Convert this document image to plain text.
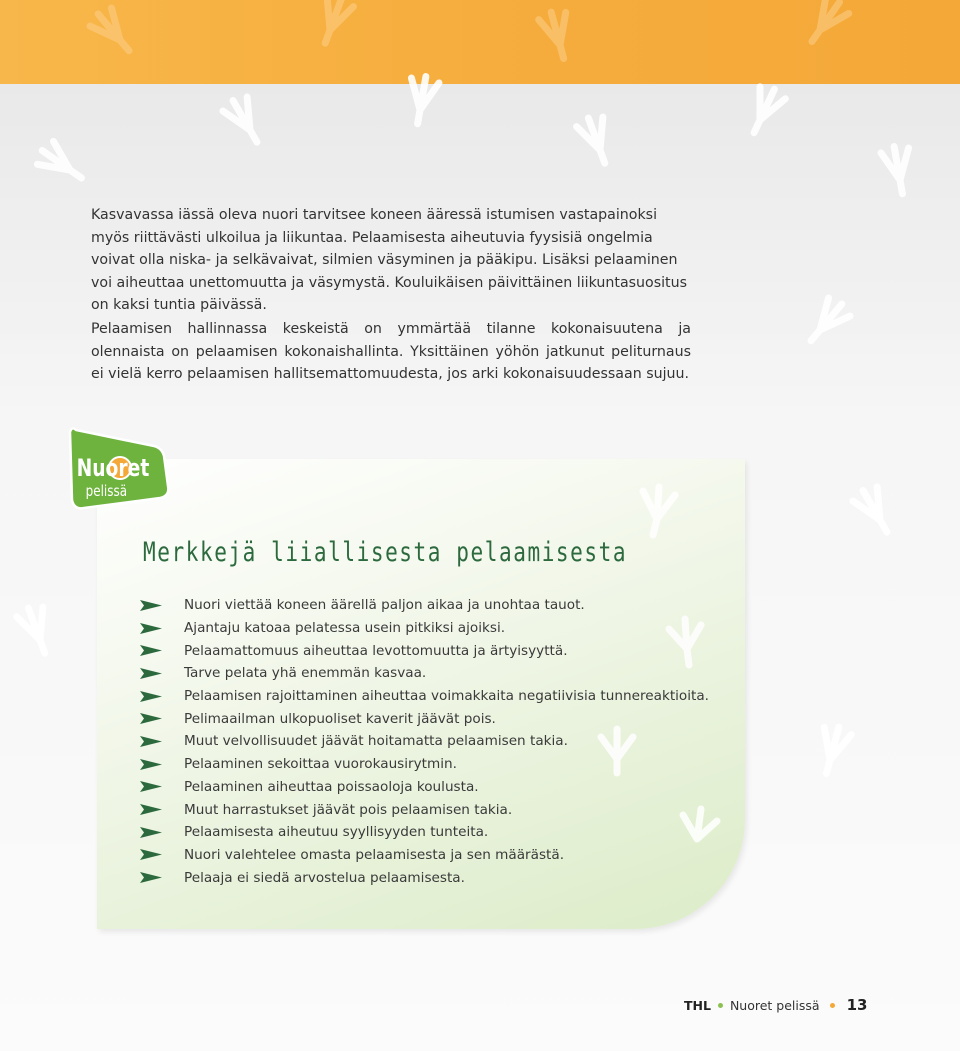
Kasvavassa iässä oleva nuori tarvitsee koneen ääressä istumisen vastapainoksi myös riittävästi ulkoilua ja liikuntaa. Pelaamisesta aiheutuvia fyysisiä ongelmia voivat olla niska- ja selkävaivat, silmien väsyminen ja pääkipu. Lisäksi pelaaminen voi aiheuttaa unettomuutta ja väsymystä. Kouluikäisen päivittäinen liikuntasuositus on kaksi tuntia päivässä.

Pelaamisen hallinnassa keskeistä on ymmärtää tilanne kokonaisuutena ja olennaista on pelaamisen kokonaishallinta. Yksittäinen yöhön jatkunut peliturnaus ei vielä kerro pelaamisen hallitsemattomuudesta, jos arki kokonaisuudessaan sujuu.

Nuoret
pelissä
Merkkejä liiallisesta pelaamisesta
Nuori viettää koneen äärellä paljon aikaa ja unohtaa tauot.
Ajantaju katoaa pelatessa usein pitkiksi ajoiksi.
Pelaamattomuus aiheuttaa levottomuutta ja ärtyisyyttä.
Tarve pelata yhä enemmän kasvaa.
Pelaamisen rajoittaminen aiheuttaa voimakkaita negatiivisia tunnereaktioita.
Pelimaailman ulkopuoliset kaverit jäävät pois.
Muut velvollisuudet jäävät hoitamatta pelaamisen takia.
Pelaaminen sekoittaa vuorokausirytmin.
Pelaaminen aiheuttaa poissaoloja koulusta.
Muut harrastukset jäävät pois pelaamisen takia.
Pelaamisesta aiheutuu syyllisyyden tunteita.
Nuori valehtelee omasta pelaamisesta ja sen määrästä.
Pelaaja ei siedä arvostelua pelaamisesta.
THL Nuoret pelissä 13
